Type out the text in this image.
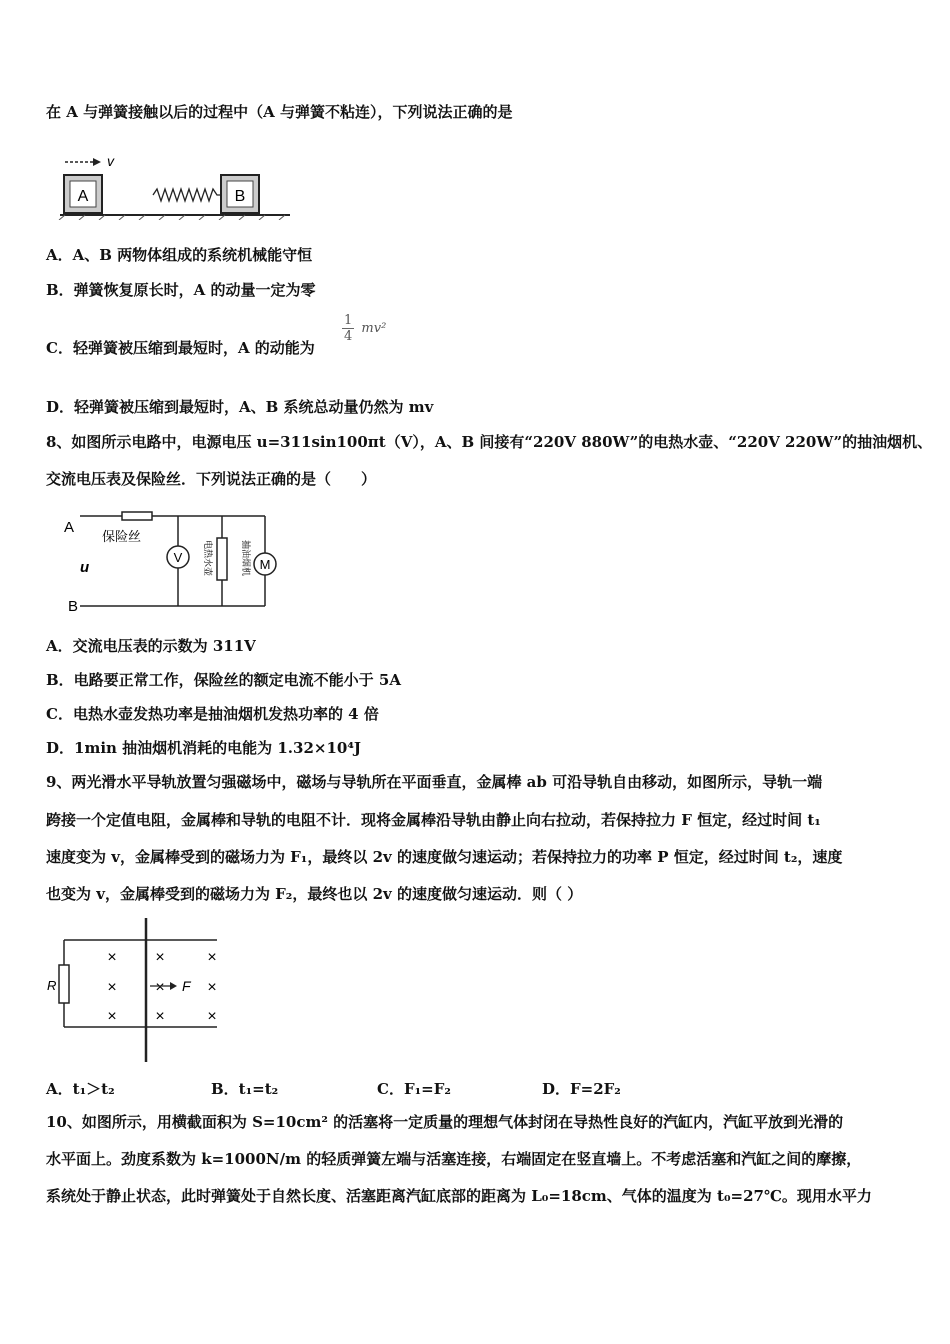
在 A 与弹簧接触以后的过程中（A 与弹簧不粘连），下列说法正确的是
A	B
v
A．A、B 两物体组成的系统机械能守恒
B．弹簧恢复原长时，A 的动量一定为零
C．轻弹簧被压缩到最短时，A 的动能为
$\frac{1}{4} mv^2$
D．轻弹簧被压缩到最短时，A、B 系统总动量仍然为 mv
8、如图所示电路中，电源电压 u=311sin100πt（V），A、B 间接有“220V 880W”的电热水壶、“220V 220W”的抽油烟机、
交流电压表及保险丝．下列说法正确的是（　　）
V	M
A
B
u
保险丝
电热水壶	抽油烟机
A．交流电压表的示数为 311V
B．电路要正常工作，保险丝的额定电流不能小于 5A
C．电热水壶发热功率是抽油烟机发热功率的 4 倍
D．1min 抽油烟机消耗的电能为 1.32×10⁴J
9、两光滑水平导轨放置匀强磁场中，磁场与导轨所在平面垂直，金属棒 ab 可沿导轨自由移动，如图所示，导轨一端
跨接一个定值电阻，金属棒和导轨的电阻不计．现将金属棒沿导轨由静止向右拉动，若保持拉力 F 恒定，经过时间 t₁
速度变为 v，金属棒受到的磁场力为 F₁，最终以 2v 的速度做匀速运动；若保持拉力的功率 P 恒定，经过时间 t₂，速度
也变为 v，金属棒受到的磁场力为 F₂，最终也以 2v 的速度做匀速运动．则（ ）
R
× ×	×
× ×	×
× ×	×
F
A．t₁＞t₂	B．t₁=t₂	C．F₁=F₂	D．F=2F₂
10、如图所示，用横截面积为 S=10cm² 的活塞将一定质量的理想气体封闭在导热性良好的汽缸内，汽缸平放到光滑的
水平面上。劲度系数为 k=1000N/m 的轻质弹簧左端与活塞连接，右端固定在竖直墙上。不考虑活塞和汽缸之间的摩擦，
系统处于静止状态，此时弹簧处于自然长度、活塞距离汽缸底部的距离为 L₀=18cm、气体的温度为 t₀=27℃。现用水平力
